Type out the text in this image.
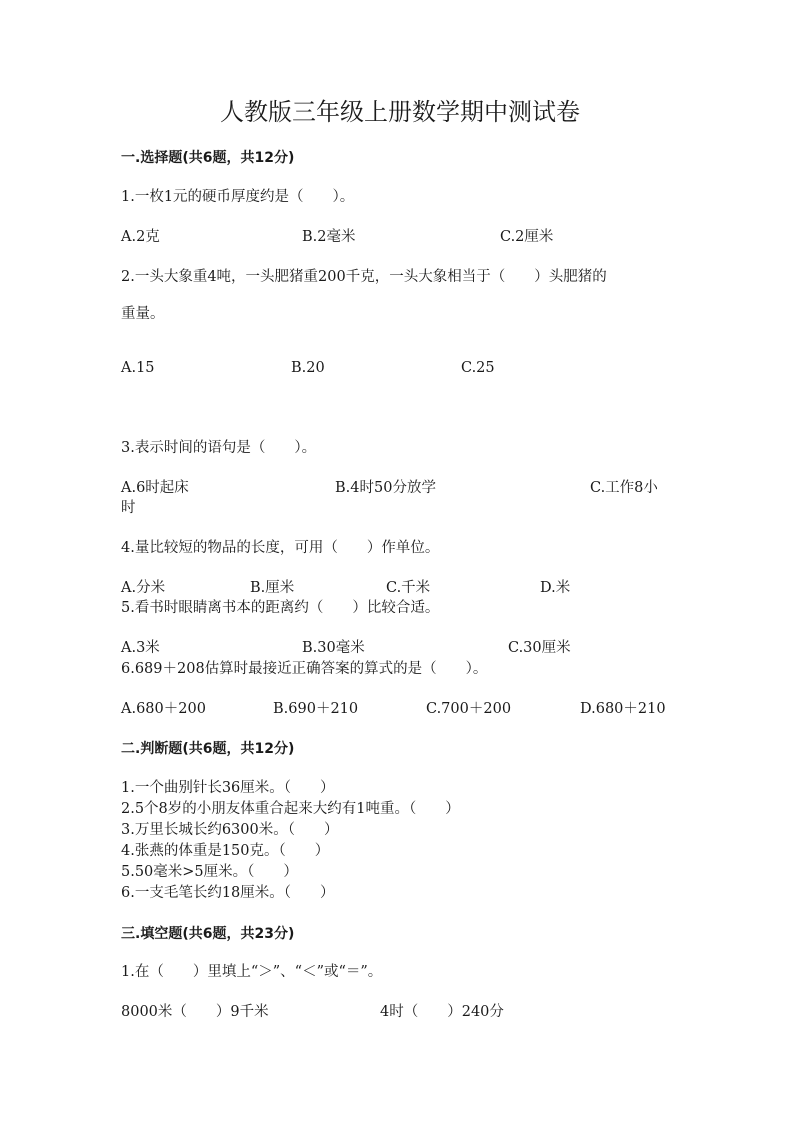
人教版三年级上册数学期中测试卷
一.选择题(共6题，共12分)
1.一枚1元的硬币厚度约是（　　）。
A.2克	B.2毫米	C.2厘米
2.一头大象重4吨，一头肥猪重200千克，一头大象相当于（　　）头肥猪的
重量。
A.15	B.20	C.25
3.表示时间的语句是（　　）。
A.6时起床	B.4时50分放学	C.工作8小
时
4.量比较短的物品的长度，可用（　　）作单位。
A.分米	B.厘米	C.千米	D.米
5.看书时眼睛离书本的距离约（　　）比较合适。
A.3米	B.30毫米	C.30厘米
6.689＋208估算时最接近正确答案的算式的是（　　）。
A.680＋200	B.690＋210	C.700＋200	D.680＋210
二.判断题(共6题，共12分)
1.一个曲别针长36厘米。（　　）
2.5个8岁的小朋友体重合起来大约有1吨重。（　　）
3.万里长城长约6300米。（　　）
4.张燕的体重是150克。（　　）
5.50毫米>5厘米。（　　）
6.一支毛笔长约18厘米。（　　）
三.填空题(共6题，共23分)
1.在（　　）里填上“＞”、“＜”或“＝”。
8000米（　　）9千米	4时（　　）240分
